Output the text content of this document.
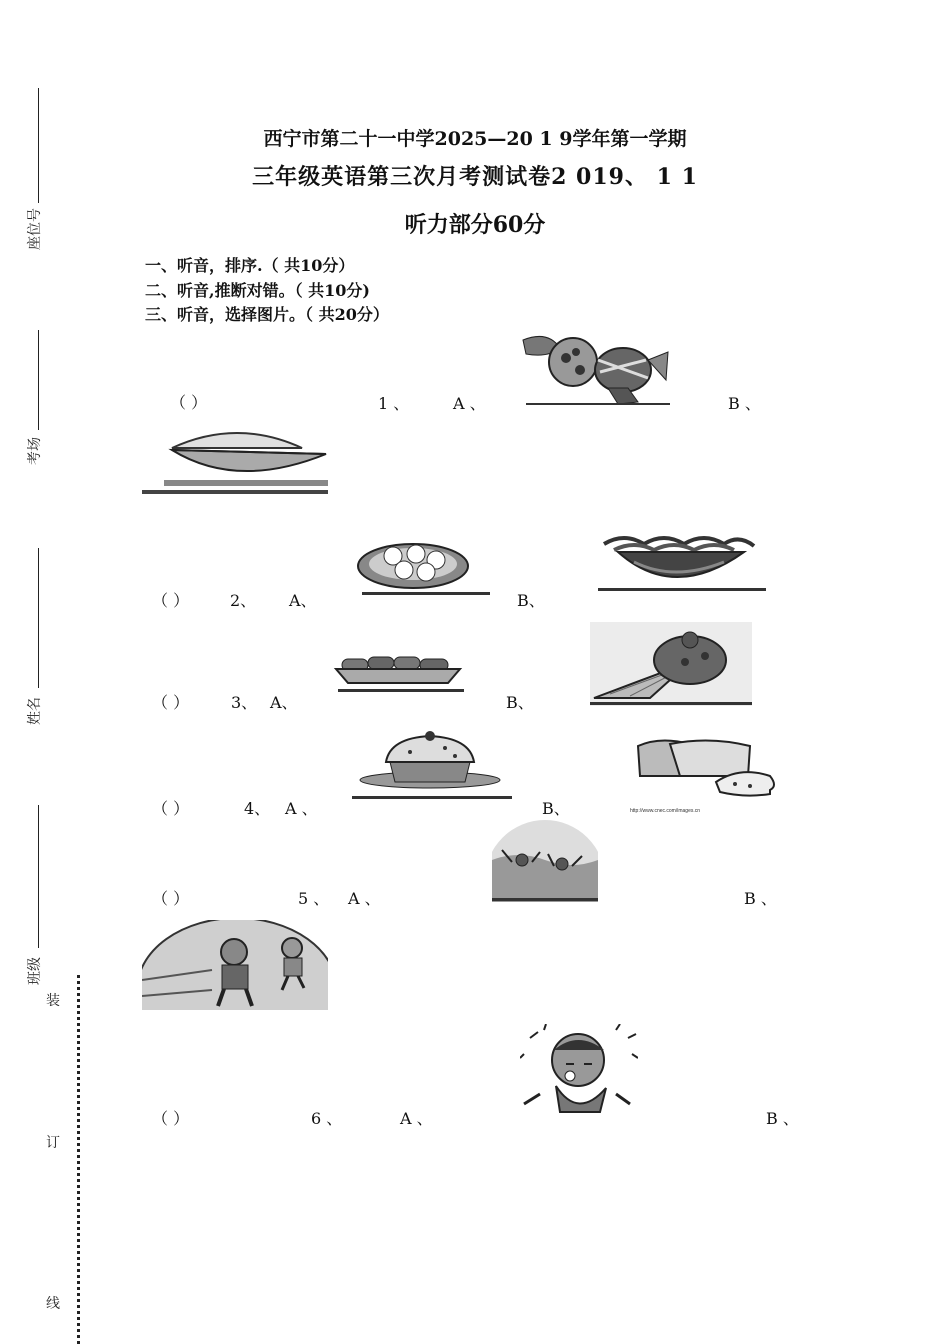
座位号
考场
姓名
班级
装
订
线
西宁市第二十一中学2025—20 1 9学年第一学期
三年级英语第三次月考测试卷2 019、 1 1
听力部分60分
一、听音，排序.（ 共10分）
二、听音,推断对错。（ 共10分)
三、听音，选择图片。（ 共20分）
（ ）	1 、	A 、	B 、
（ ）	2、 A、	B、
（ ）	3、 A、	B、
（ ）	4、 A 、	B、	http://www.cnec.com/images.cn
（ ）	5 、 A 、	B 、
（ ）	6 、	A 、	B 、
